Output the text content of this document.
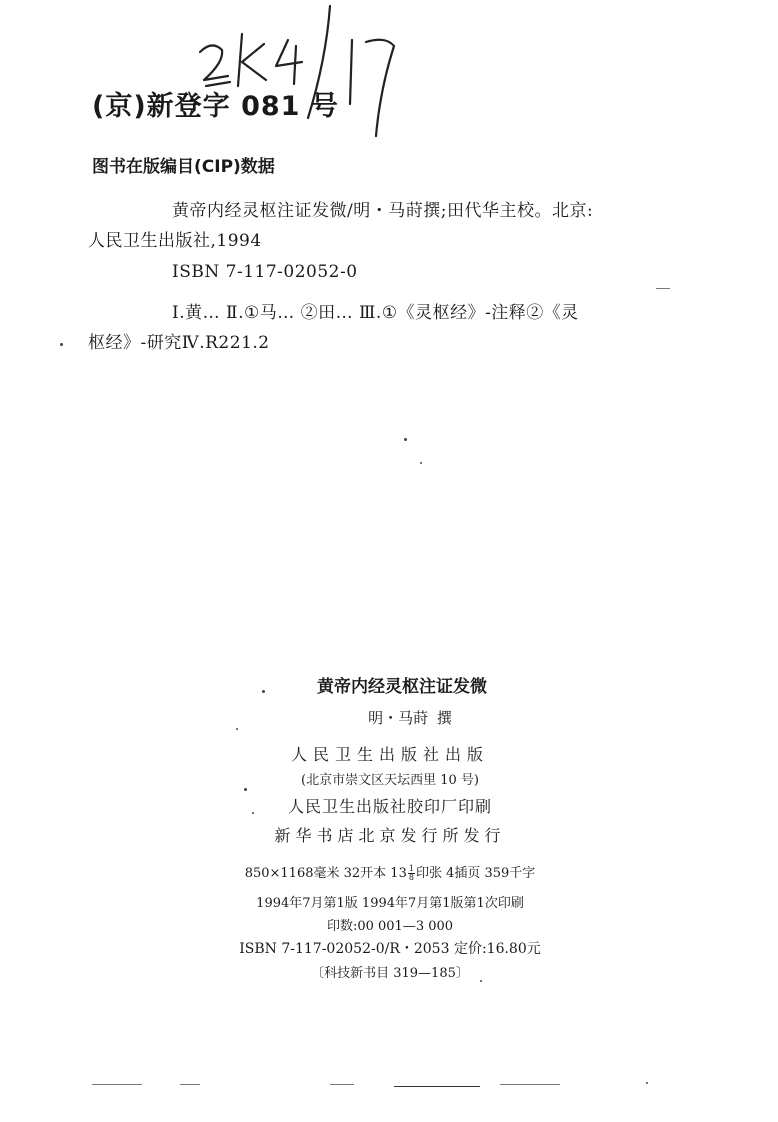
(京)新登字 081 号
图书在版编目(CIP)数据
黄帝内经灵枢注证发微/明・马莳撰;田代华主校。北京:
人民卫生出版社,1994
ISBN 7-117-02052-0
I.黄… Ⅱ.①马… ②田… Ⅲ.①《灵枢经》-注释②《灵
枢经》-研究Ⅳ.R221.2
黄帝内经灵枢注证发微
明・马莳 撰
人民卫生出版社出版
(北京市崇文区天坛西里 10 号)
人民卫生出版社胶印厂印刷
新华书店北京发行所发行
850×1168毫米 32开本 $13 \frac{1}{8}$ 印张 4插页 359千字
1994年7月第1版 1994年7月第1版第1次印刷
印数:00 001—3 000
ISBN 7-117-02052-0/R・2053 定价:16.80元
〔科技新书目 319—185〕
